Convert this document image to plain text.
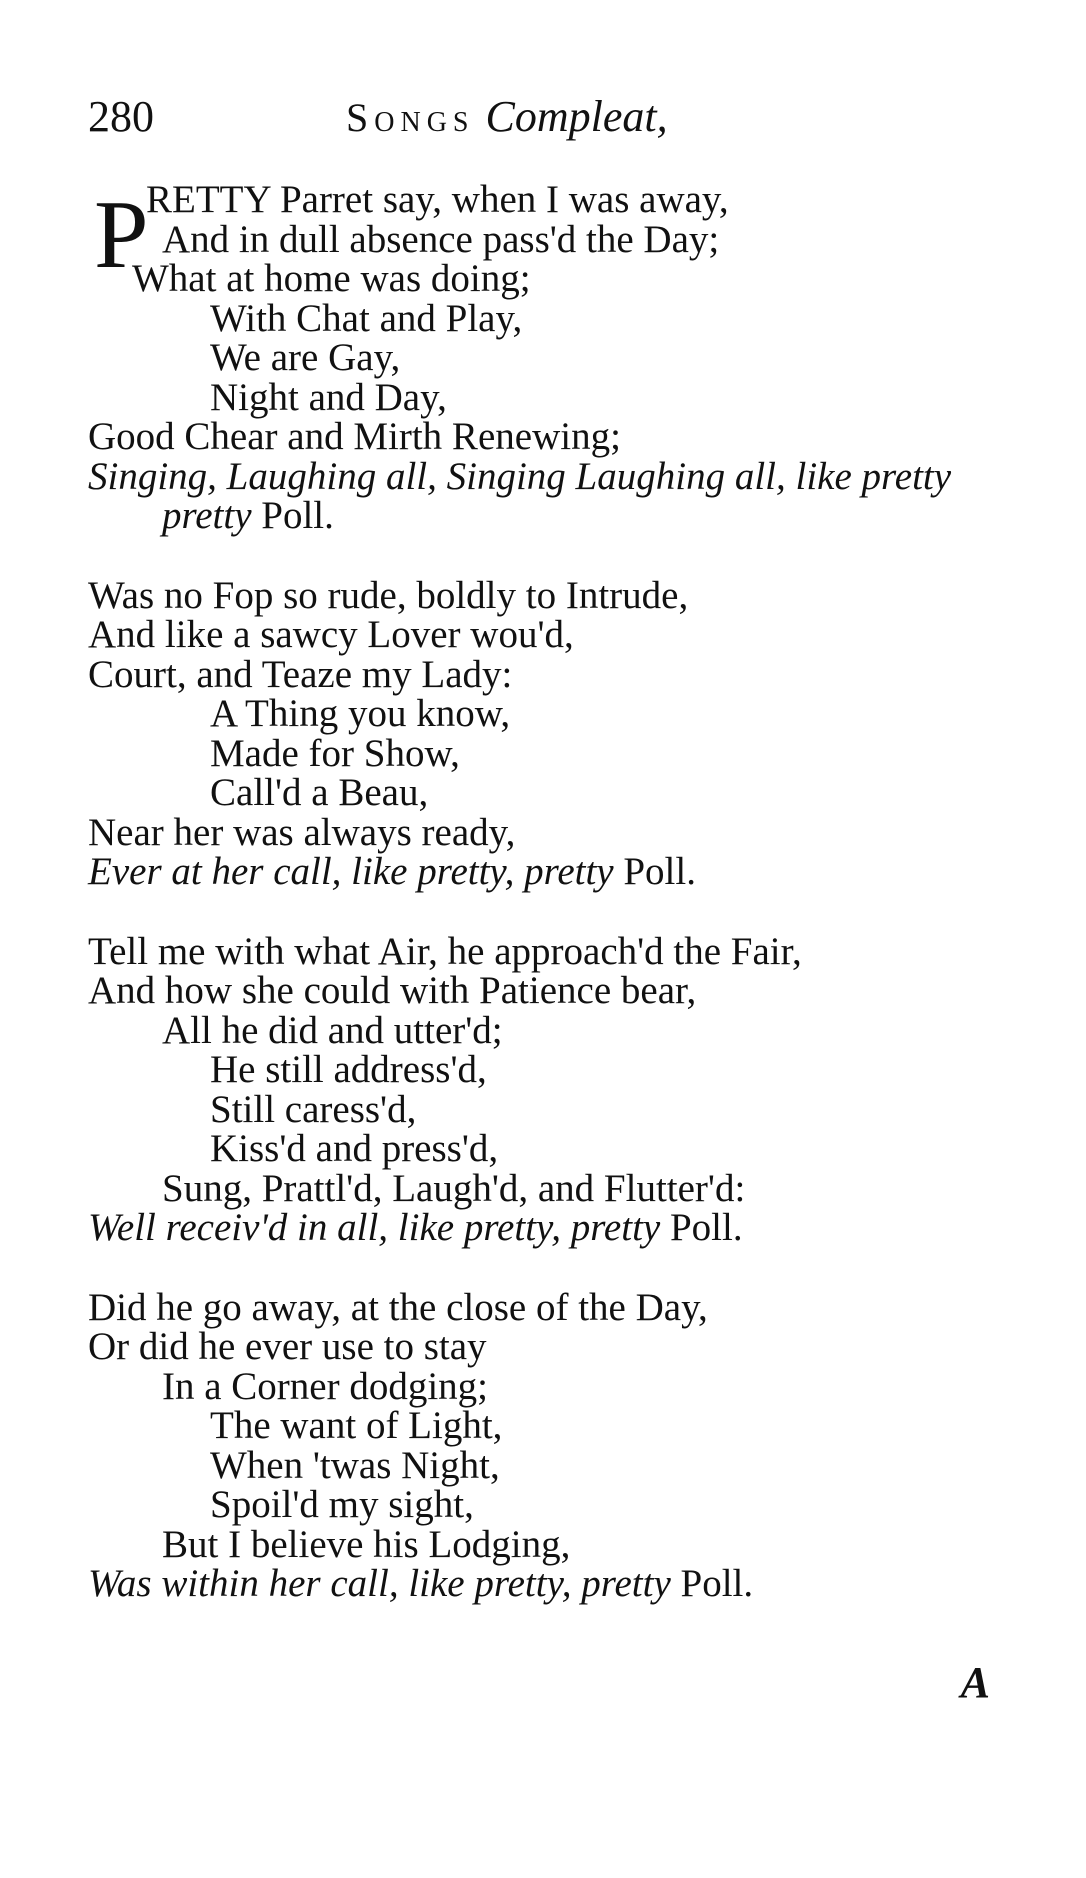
280	Songs Compleat,
P
RETTY Parret say, when I was away,
And in dull absence pass'd the Day;
What at home was doing;
With Chat and Play,
We are Gay,
Night and Day,
Good Chear and Mirth Renewing;
Singing, Laughing all, Singing Laughing all, like pretty
pretty Poll.
Was no Fop so rude, boldly to Intrude,
And like a sawcy Lover wou'd,
Court, and Teaze my Lady:
A Thing you know,
Made for Show,
Call'd a Beau,
Near her was always ready,
Ever at her call, like pretty, pretty Poll.
Tell me with what Air, he approach'd the Fair,
And how she could with Patience bear,
All he did and utter'd;
He still address'd,
Still caress'd,
Kiss'd and press'd,
Sung, Prattl'd, Laugh'd, and Flutter'd:
Well receiv'd in all, like pretty, pretty Poll.
Did he go away, at the close of the Day,
Or did he ever use to stay
In a Corner dodging;
The want of Light,
When 'twas Night,
Spoil'd my sight,
But I believe his Lodging,
Was within her call, like pretty, pretty Poll.
A
